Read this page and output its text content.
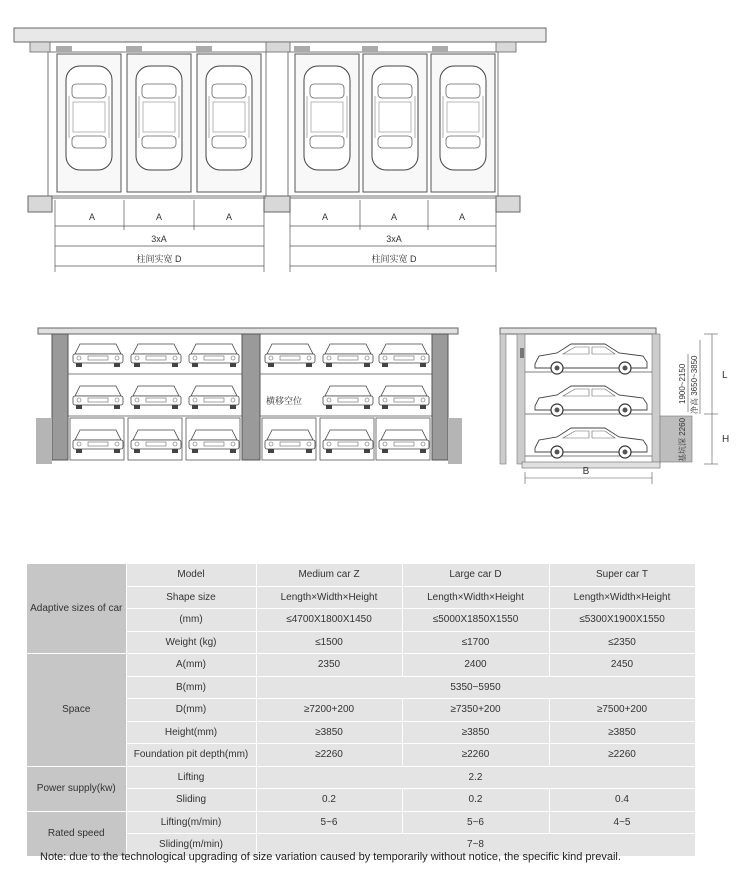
A	A	A	A	A	A
3xA	3xA
柱间实宽 D	柱间实宽 D
横移空位	1900~2150 净高 3650~3850
基坑深 2260
L
H
B
Adaptive sizes of car	Model	Medium car Z	Large car D	Super car T
	Shape size	Length×Width×Height	Length×Width×Height	Length×Width×Height
	(mm)	≤4700X1800X1450	≤5000X1850X1550	≤5300X1900X1550
	Weight (kg)	≤1500	≤1700	≤2350
Space	A(mm)	2350	2400	2450
	B(mm)	5350~5950		
	D(mm)	≥7200+200	≥7350+200	≥7500+200
	Height(mm)	≥3850	≥3850	≥3850
	Foundation pit depth(mm)	≥2260	≥2260	≥2260
Power supply(kw)	Lifting	2.2		
	Sliding	0.2	0.2	0.4
Rated speed	Lifting(m/min)	5~6	5~6	4~5
	Sliding(m/min)	7~8		
Note: due to the technological upgrading of size variation caused by temporarily without notice, the specific kind prevail.
